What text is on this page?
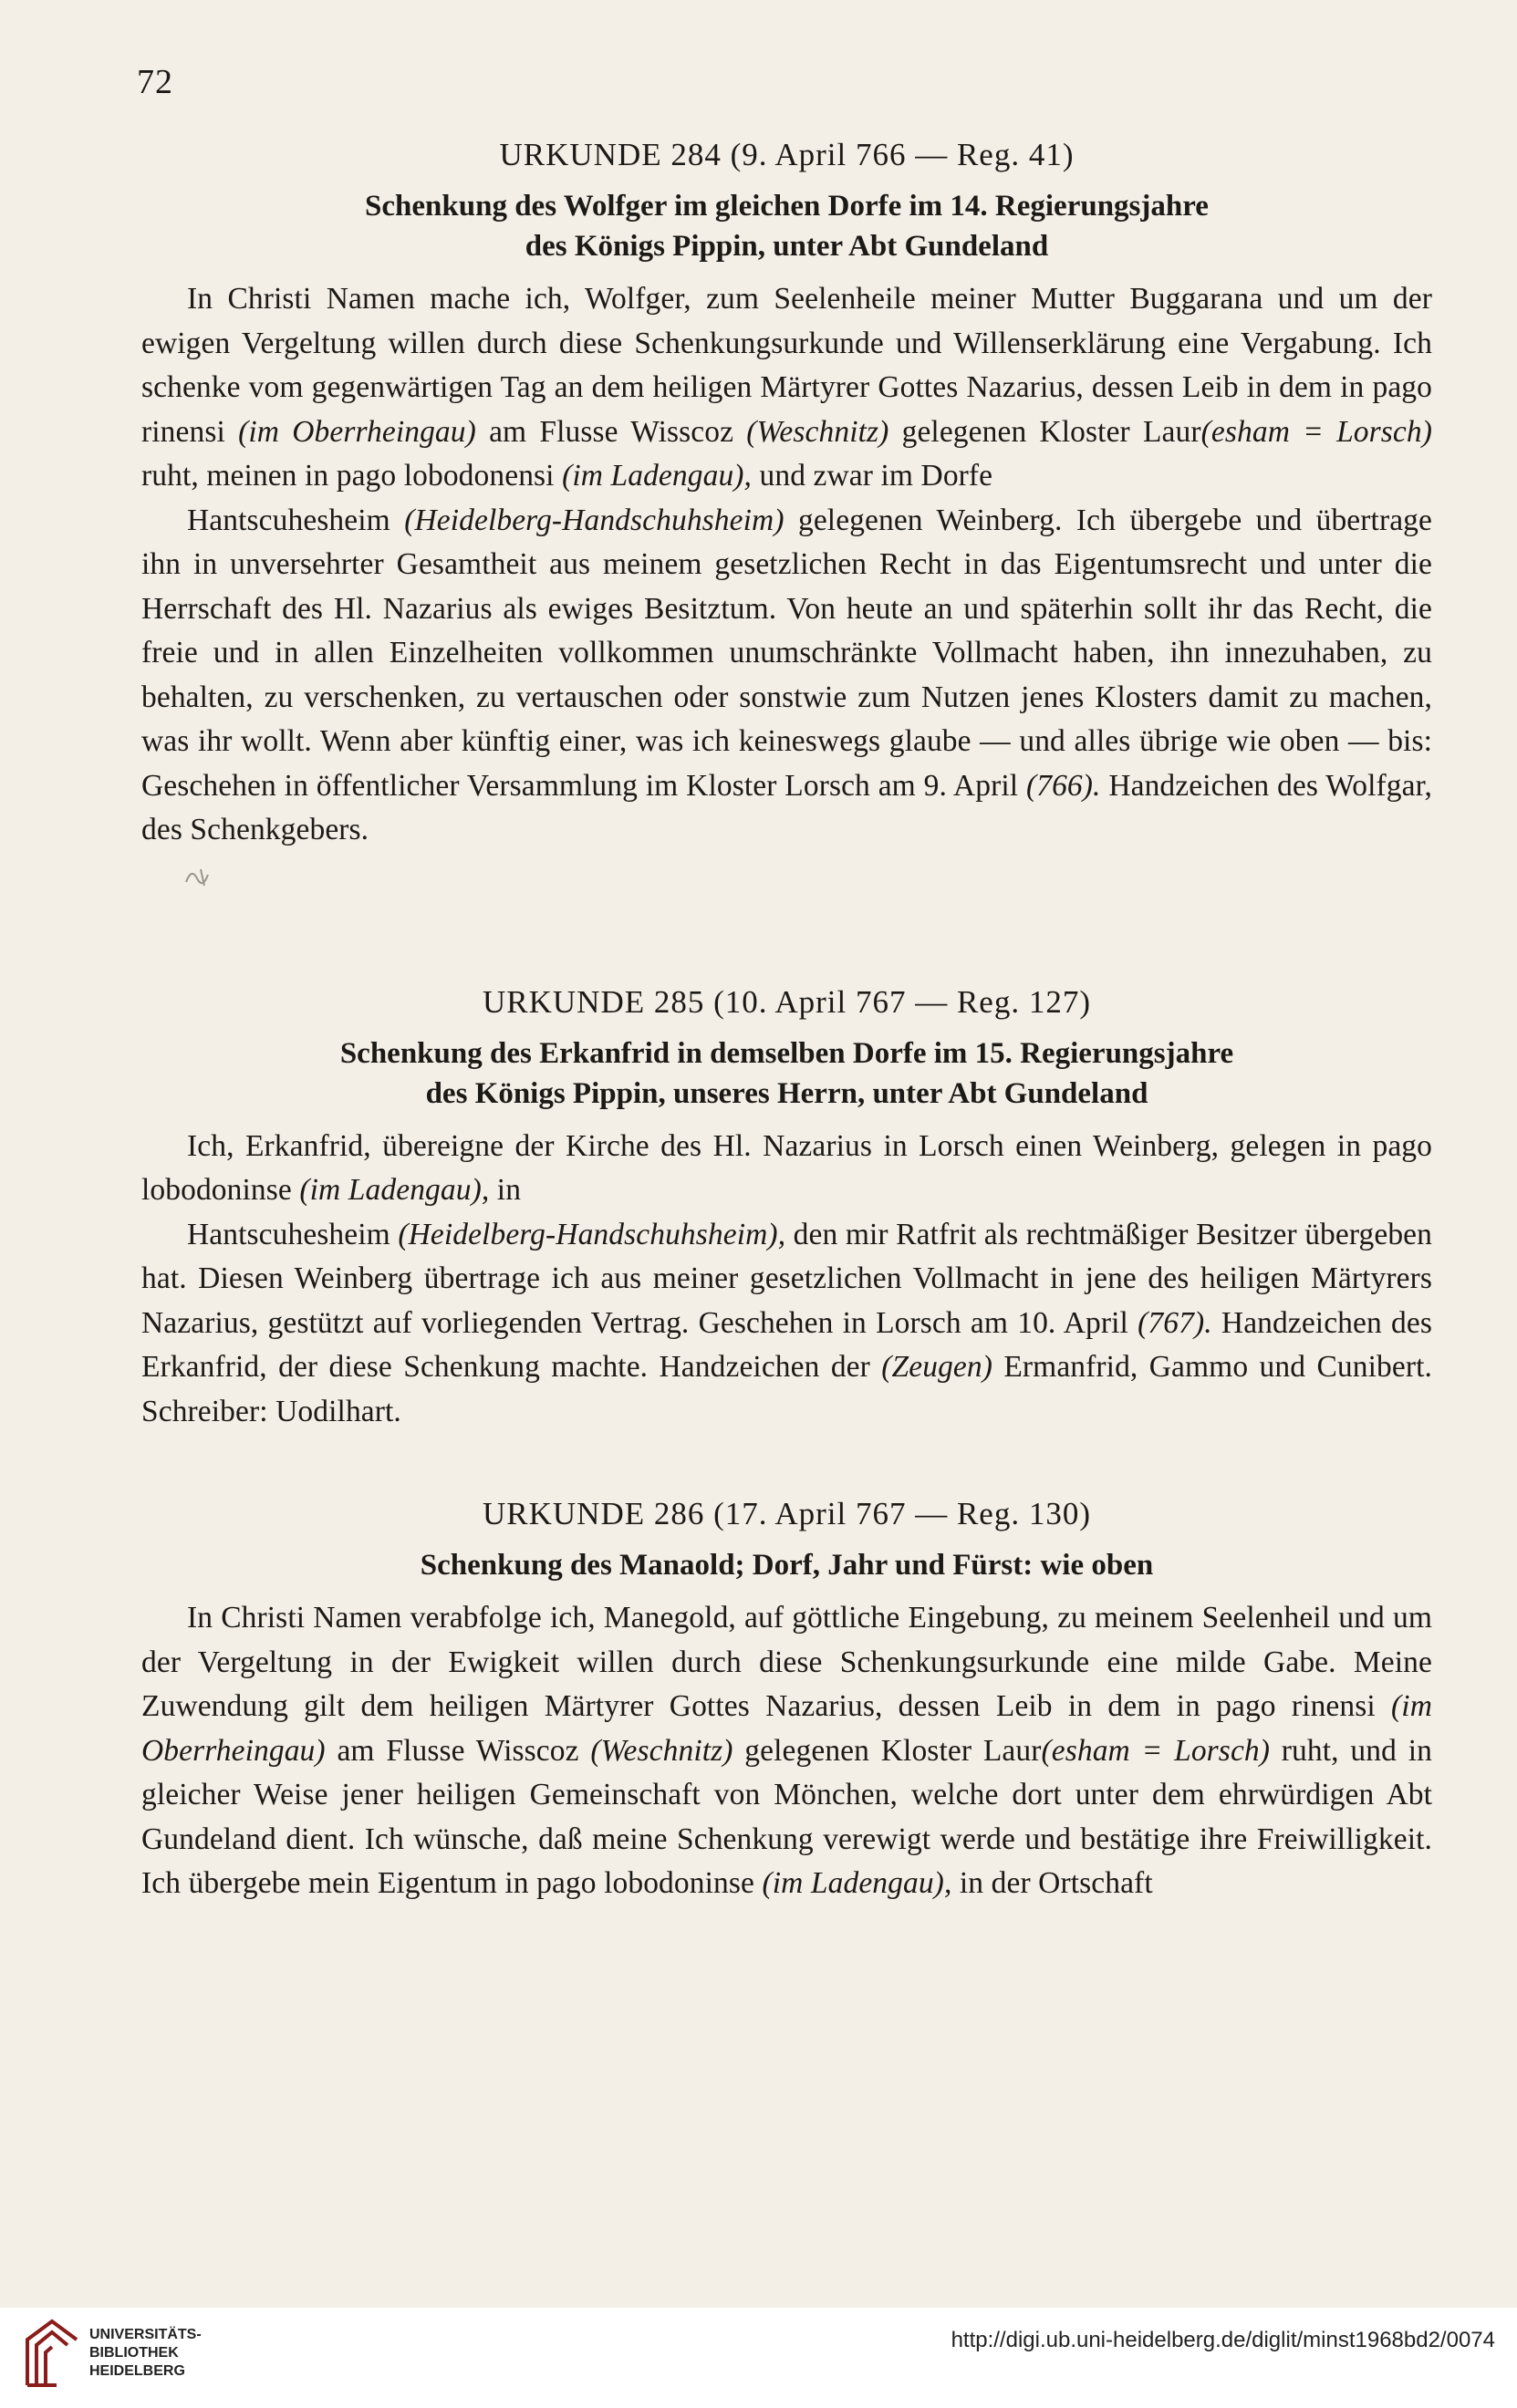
72
URKUNDE 284 (9. April 766 — Reg. 41)
Schenkung des Wolfger im gleichen Dorfe im 14. Regierungsjahre
des Königs Pippin, unter Abt Gundeland

In Christi Namen mache ich, Wolfger, zum Seelenheile meiner Mutter Buggarana und um der ewigen Vergeltung willen durch diese Schenkungsurkunde und Willenserklärung eine Vergabung. Ich schenke vom gegenwärtigen Tag an dem heiligen Märtyrer Gottes Nazarius, dessen Leib in dem in pago rinensi (im Oberrheingau) am Flusse Wisscoz (Weschnitz) gelegenen Kloster Laur(esham = Lorsch) ruht, meinen in pago lobodonensi (im Ladengau), und zwar im Dorfe

Hantscuhesheim (Heidelberg-Handschuhsheim) gelegenen Weinberg. Ich übergebe und übertrage ihn in unversehrter Gesamtheit aus meinem gesetzlichen Recht in das Eigentumsrecht und unter die Herrschaft des Hl. Nazarius als ewiges Besitztum. Von heute an und späterhin sollt ihr das Recht, die freie und in allen Einzelheiten vollkommen unumschränkte Vollmacht haben, ihn innezuhaben, zu behalten, zu verschenken, zu vertauschen oder sonstwie zum Nutzen jenes Klosters damit zu machen, was ihr wollt. Wenn aber künftig einer, was ich keineswegs glaube — und alles übrige wie oben — bis: Geschehen in öffentlicher Versammlung im Kloster Lorsch am 9. April (766). Handzeichen des Wolfgar, des Schenkgebers.

URKUNDE 285 (10. April 767 — Reg. 127)
Schenkung des Erkanfrid in demselben Dorfe im 15. Regierungsjahre
des Königs Pippin, unseres Herrn, unter Abt Gundeland

Ich, Erkanfrid, übereigne der Kirche des Hl. Nazarius in Lorsch einen Weinberg, gelegen in pago lobodoninse (im Ladengau), in

Hantscuhesheim (Heidelberg-Handschuhsheim), den mir Ratfrit als rechtmäßiger Besitzer übergeben hat. Diesen Weinberg übertrage ich aus meiner gesetzlichen Vollmacht in jene des heiligen Märtyrers Nazarius, gestützt auf vorliegenden Vertrag. Geschehen in Lorsch am 10. April (767). Handzeichen des Erkanfrid, der diese Schenkung machte. Handzeichen der (Zeugen) Ermanfrid, Gammo und Cunibert. Schreiber: Uodilhart.

URKUNDE 286 (17. April 767 — Reg. 130)
Schenkung des Manaold; Dorf, Jahr und Fürst: wie oben

In Christi Namen verabfolge ich, Manegold, auf göttliche Eingebung, zu meinem Seelenheil und um der Vergeltung in der Ewigkeit willen durch diese Schenkungsurkunde eine milde Gabe. Meine Zuwendung gilt dem heiligen Märtyrer Gottes Nazarius, dessen Leib in dem in pago rinensi (im Oberrheingau) am Flusse Wisscoz (Weschnitz) gelegenen Kloster Laur(esham = Lorsch) ruht, und in gleicher Weise jener heiligen Gemeinschaft von Mönchen, welche dort unter dem ehrwürdigen Abt Gundeland dient. Ich wünsche, daß meine Schenkung verewigt werde und bestätige ihre Freiwilligkeit. Ich übergebe mein Eigentum in pago lobodoninse (im Ladengau), in der Ortschaft

UNIVERSITÄTS-
BIBLIOTHEK
HEIDELBERG
http://digi.ub.uni-heidelberg.de/diglit/minst1968bd2/0074
